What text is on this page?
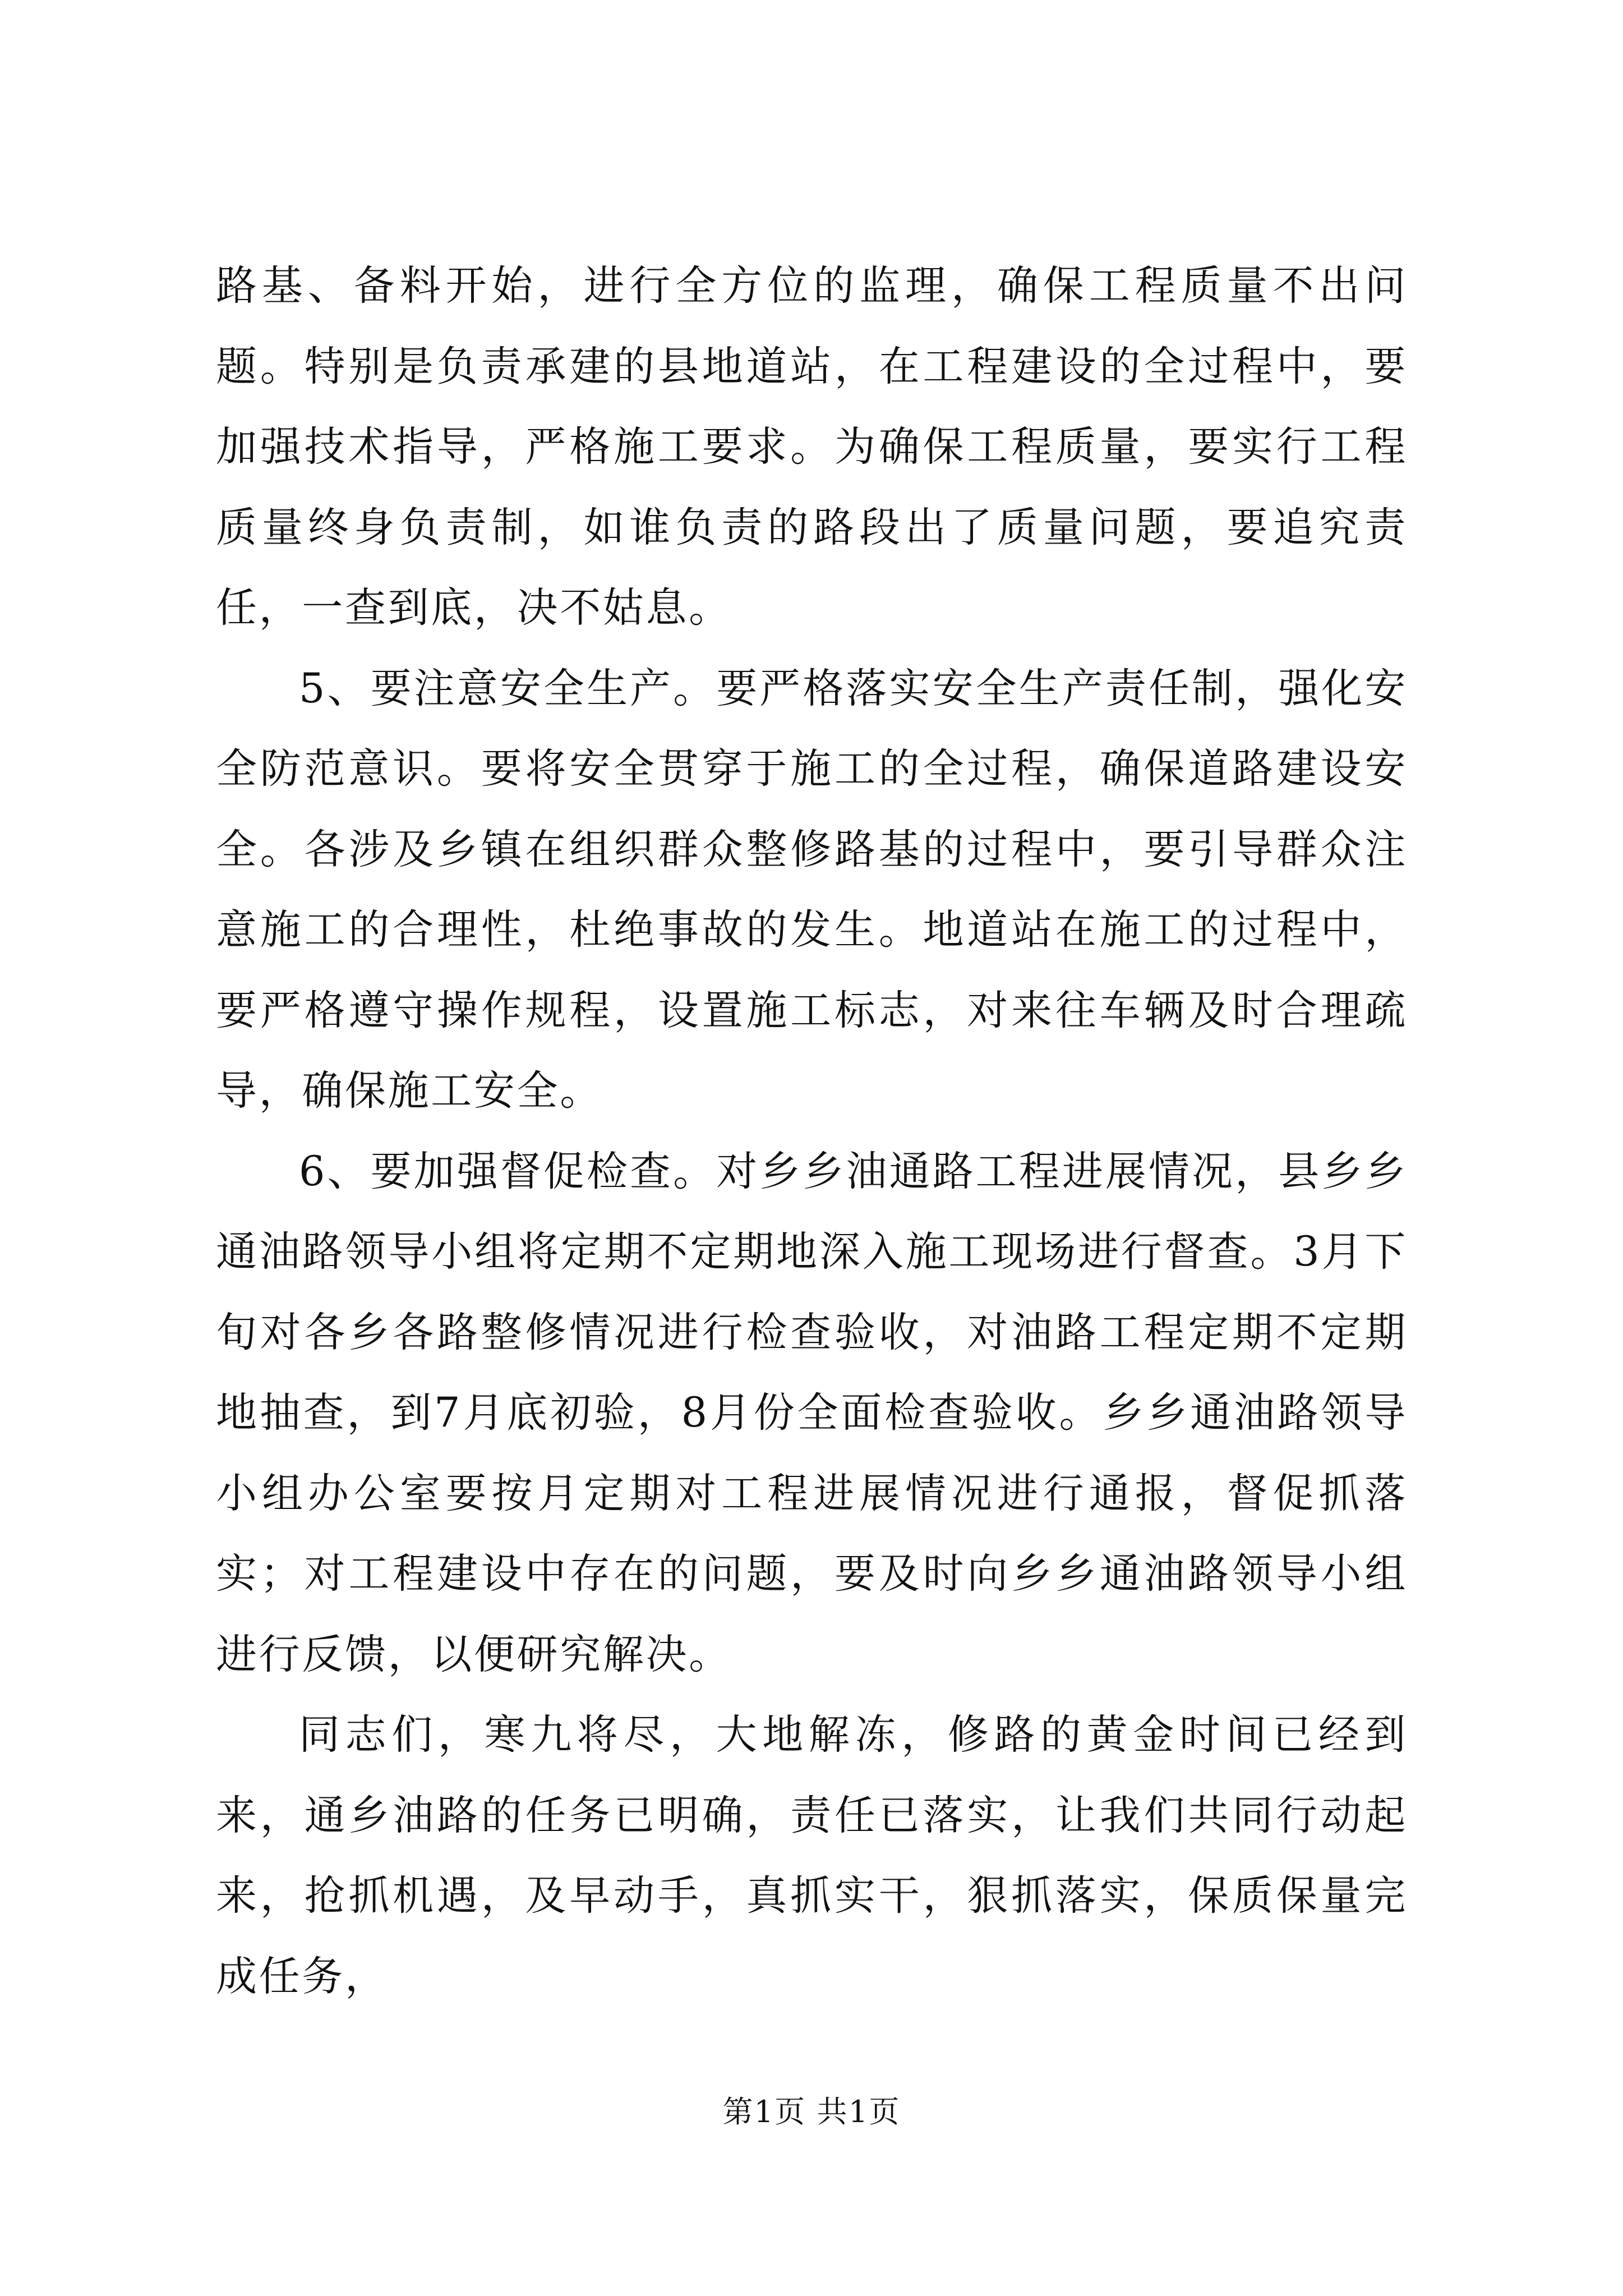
路基、备料开始，进行全方位的监理，确保工程质量不出问题。特别是负责承建的县地道站，在工程建设的全过程中，要加强技术指导，严格施工要求。为确保工程质量，要实行工程质量终身负责制，如谁负责的路段出了质量问题，要追究责任，一查到底，决不姑息。

5、要注意安全生产。要严格落实安全生产责任制，强化安全防范意识。要将安全贯穿于施工的全过程，确保道路建设安全。各涉及乡镇在组织群众整修路基的过程中，要引导群众注意施工的合理性，杜绝事故的发生。地道站在施工的过程中，要严格遵守操作规程，设置施工标志，对来往车辆及时合理疏导，确保施工安全。

6、要加强督促检查。对乡乡油通路工程进展情况，县乡乡通油路领导小组将定期不定期地深入施工现场进行督查。3月下旬对各乡各路整修情况进行检查验收，对油路工程定期不定期地抽查，到7月底初验，8月份全面检查验收。乡乡通油路领导小组办公室要按月定期对工程进展情况进行通报，督促抓落实；对工程建设中存在的问题，要及时向乡乡通油路领导小组进行反馈，以便研究解决。

同志们，寒九将尽，大地解冻，修路的黄金时间已经到来，通乡油路的任务已明确，责任已落实，让我们共同行动起来，抢抓机遇，及早动手，真抓实干，狠抓落实，保质保量完成任务，

第1页 共1页
